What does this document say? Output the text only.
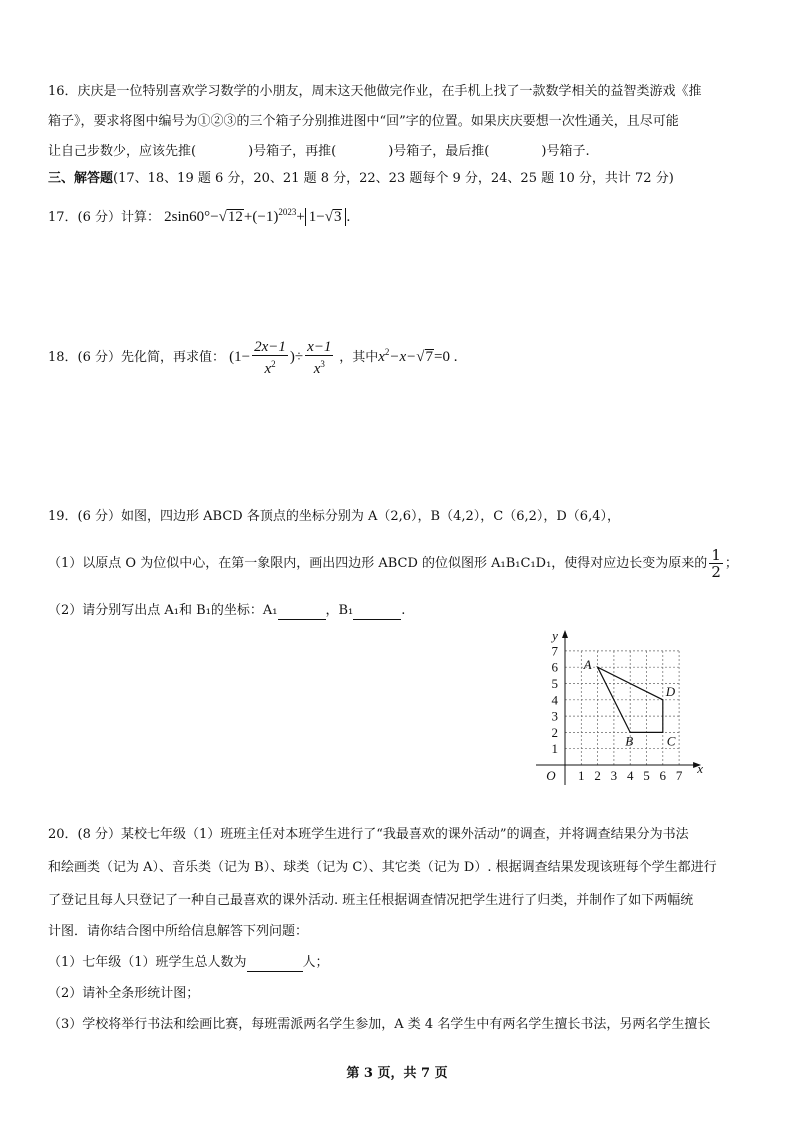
16．庆庆是一位特别喜欢学习数学的小朋友，周末这天他做完作业，在手机上找了一款数学相关的益智类游戏《推
箱子》，要求将图中编号为①②③的三个箱子分别推进图中“回”字的位置。如果庆庆要想一次性通关，且尽可能
让自己步数少，应该先推(	)号箱子，再推(	)号箱子，最后推(	)号箱子.
三、解答题(17、18、19 题 6 分，20、21 题 8 分，22、23 题每个 9 分，24、25 题 10 分，共计 72 分)
17．(6 分）计算： $2\sin 60^\circ-√12+(-1)^{2023}+ 1-√3$ .
18．(6 分）先化简，再求值： ($1- \frac{2x-1}{x^2}$ )÷ $\frac{x-1}{x^3}$ ，其中$x^2-x-√7=0$ .
19．(6 分）如图，四边形 ABCD 各顶点的坐标分别为 A（2,6），B（4,2），C（6,2），D（6,4），
（1）以原点 O 为位似中心，在第一象限内，画出四边形 ABCD 的位似图形 A₁B₁C₁D₁，使得对应边长变为原来的 $\frac{1}{2}$ ；
（2）请分别写出点 A₁和 B₁的坐标：A₁	，B₁	.
1 2 3 4 5 6 7
1
2
3
4
5
6
7
O	x
y
A
B	C
D
20．(8 分）某校七年级（1）班班主任对本班学生进行了“我最喜欢的课外活动”的调查，并将调查结果分为书法
和绘画类（记为 A）、音乐类（记为 B）、球类（记为 C）、其它类（记为 D）. 根据调查结果发现该班每个学生都进行
了登记且每人只登记了一种自己最喜欢的课外活动. 班主任根据调查情况把学生进行了归类，并制作了如下两幅统
计图．请你结合图中所给信息解答下列问题：
（1）七年级（1）班学生总人数为	人；
（2）请补全条形统计图；
（3）学校将举行书法和绘画比赛，每班需派两名学生参加，A 类 4 名学生中有两名学生擅长书法，另两名学生擅长
第 3 页，共 7 页
